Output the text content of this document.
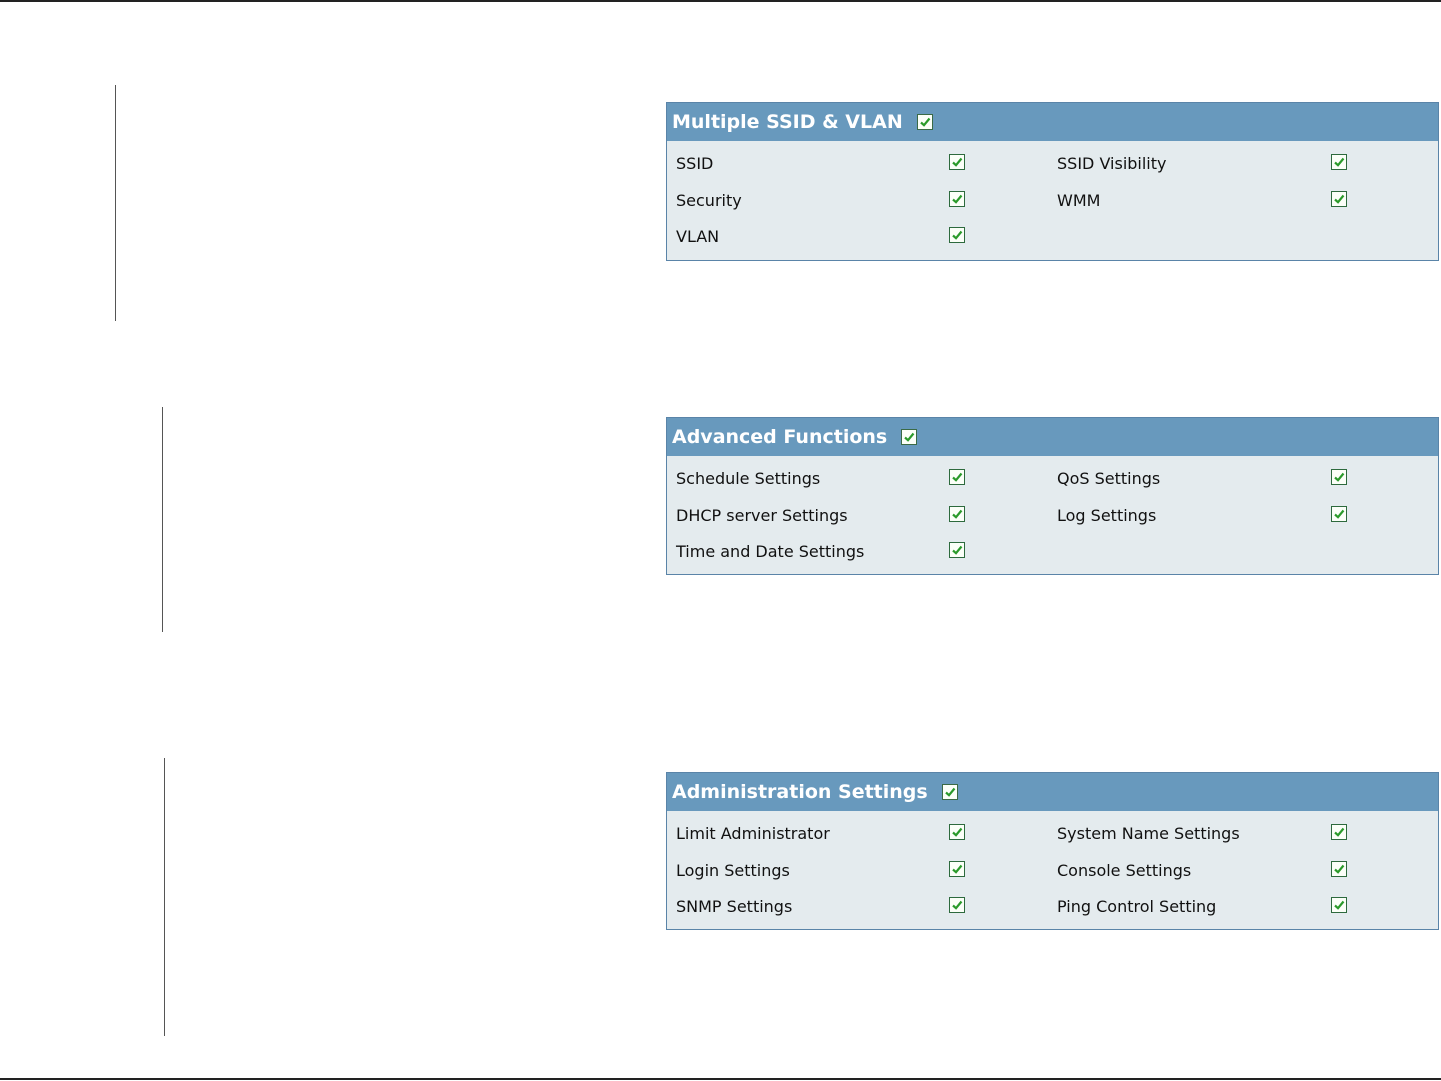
Multiple SSID & VLAN
SSID	SSID Visibility
Security	WMM
VLAN
Advanced Functions
Schedule Settings	QoS Settings
DHCP server Settings	Log Settings
Time and Date Settings
Administration Settings
Limit Administrator	System Name Settings
Login Settings	Console Settings
SNMP Settings	Ping Control Setting
